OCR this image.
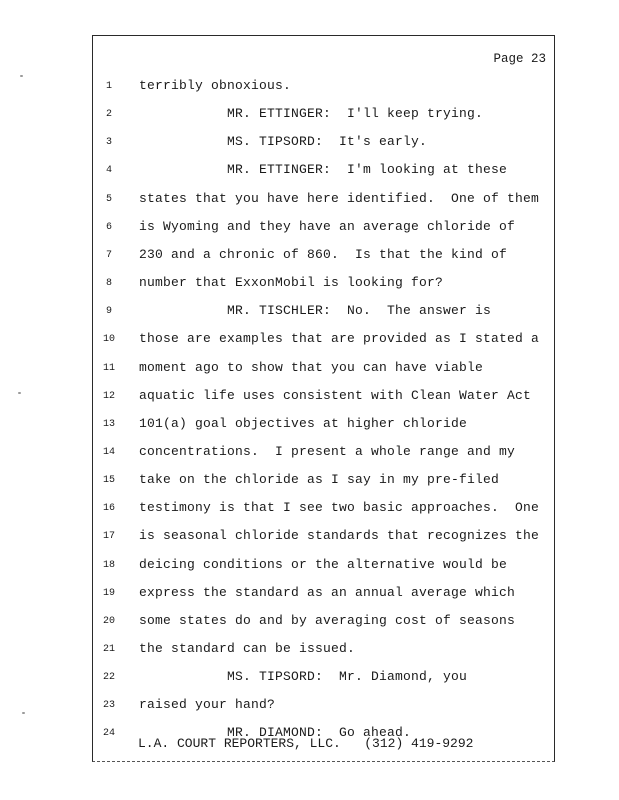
Page 23
1	terribly obnoxious.
2	MR. ETTINGER:  I'll keep trying.
3	MS. TIPSORD:  It's early.
4	MR. ETTINGER:  I'm looking at these
5	states that you have here identified.  One of them
6	is Wyoming and they have an average chloride of
7	230 and a chronic of 860.  Is that the kind of
8	number that ExxonMobil is looking for?
9	MR. TISCHLER:  No.  The answer is
10 those are examples that are provided as I stated a
11 moment ago to show that you can have viable
12 aquatic life uses consistent with Clean Water Act
13 101(a) goal objectives at higher chloride
14 concentrations.  I present a whole range and my
15 take on the chloride as I say in my pre-filed
16 testimony is that I see two basic approaches.  One
17 is seasonal chloride standards that recognizes the
18 deicing conditions or the alternative would be
19 express the standard as an annual average which
20 some states do and by averaging cost of seasons
21 the standard can be issued.
22 MS. TIPSORD:  Mr. Diamond, you
23 raised your hand?
24 MR. DIAMOND:  Go ahead.
L.A. COURT REPORTERS, LLC.   (312) 419-9292
